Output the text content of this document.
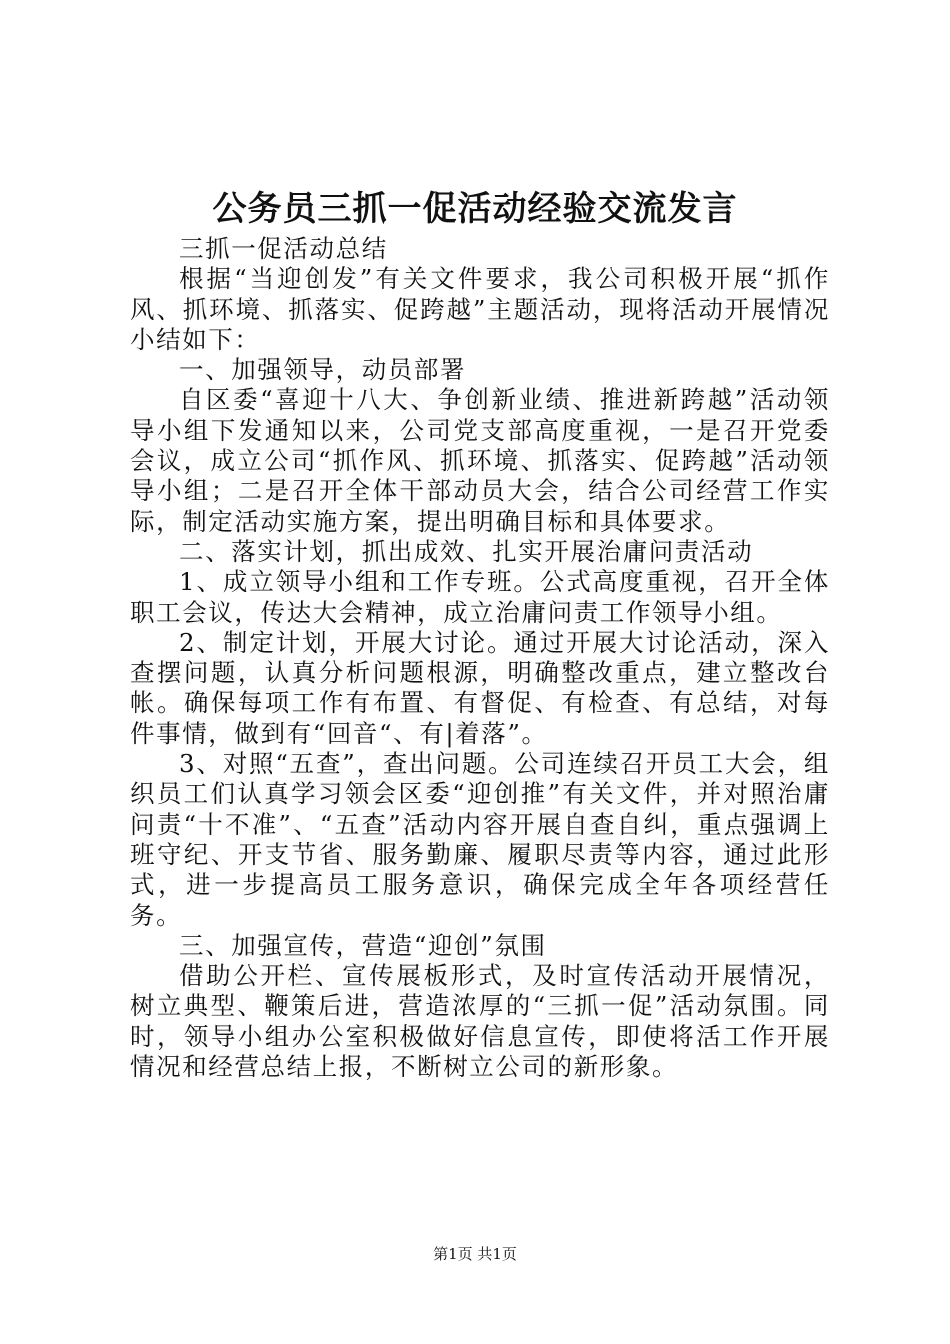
公务员三抓一促活动经验交流发言

三抓一促活动总结

根据“当迎创发”有关文件要求，我公司积极开展“抓作风、抓环境、抓落实、促跨越”主题活动，现将活动开展情况小结如下：

一、加强领导，动员部署

自区委“喜迎十八大、争创新业绩、推进新跨越”活动领导小组下发通知以来，公司党支部高度重视，一是召开党委会议，成立公司“抓作风、抓环境、抓落实、促跨越”活动领导小组；二是召开全体干部动员大会，结合公司经营工作实际，制定活动实施方案，提出明确目标和具体要求。

二、落实计划，抓出成效、扎实开展治庸问责活动

1、成立领导小组和工作专班。公式高度重视，召开全体职工会议，传达大会精神，成立治庸问责工作领导小组。

2、制定计划，开展大讨论。通过开展大讨论活动，深入查摆问题，认真分析问题根源，明确整改重点，建立整改台帐。确保每项工作有布置、有督促、有检查、有总结，对每件事情，做到有“回音“、有|着落”。

3、对照“五查”，查出问题。公司连续召开员工大会，组织员工们认真学习领会区委“迎创推”有关文件，并对照治庸问责“十不准”、“五查”活动内容开展自查自纠，重点强调上班守纪、开支节省、服务勤廉、履职尽责等内容，通过此形式，进一步提高员工服务意识，确保完成全年各项经营任务。

三、加强宣传，营造“迎创”氛围

借助公开栏、宣传展板形式，及时宣传活动开展情况，树立典型、鞭策后进，营造浓厚的“三抓一促”活动氛围。同时，领导小组办公室积极做好信息宣传，即使将活工作开展情况和经营总结上报，不断树立公司的新形象。

第1页 共1页
